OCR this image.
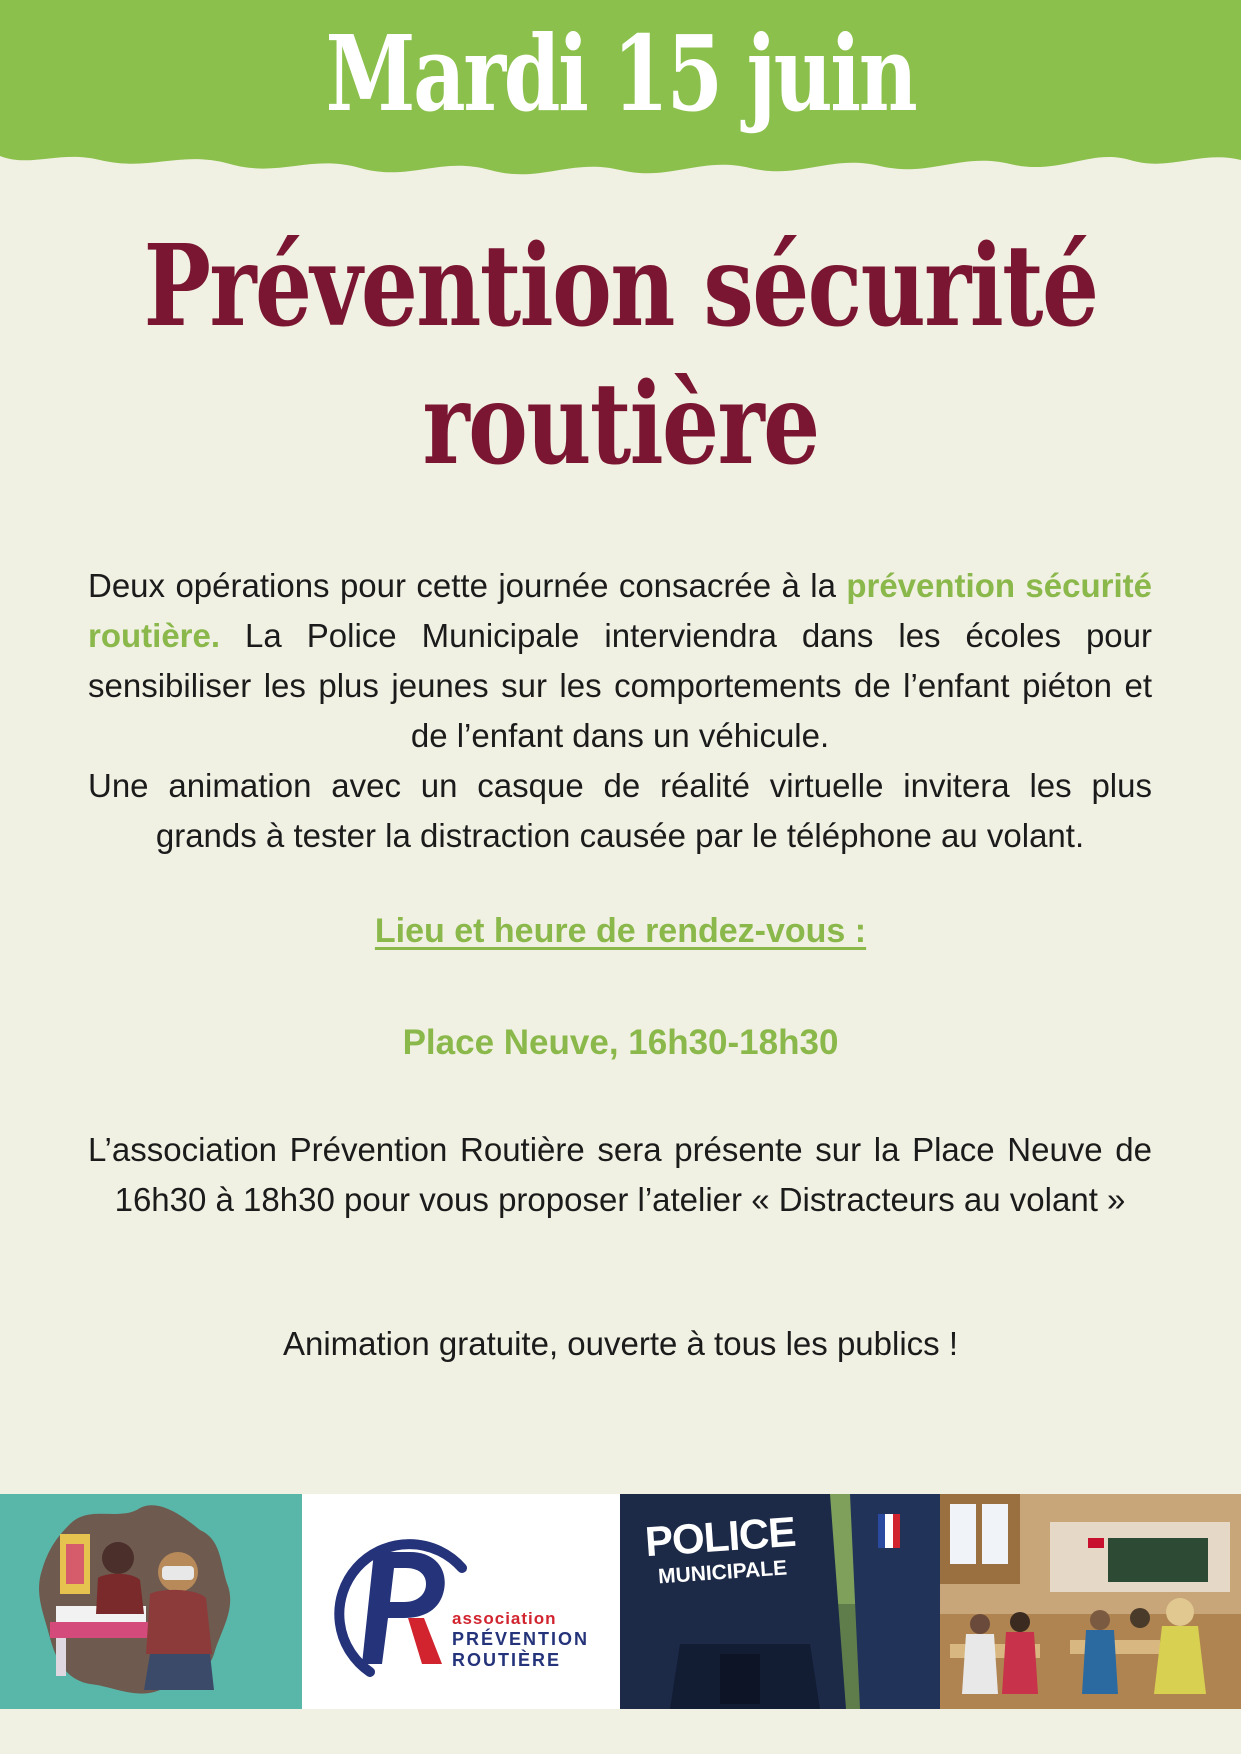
Mardi 15 juin
Prévention sécurité
routière

Deux opérations pour cette journée consacrée à la prévention sécurité routière. La Police Municipale interviendra dans les écoles pour sensibiliser les plus jeunes sur les comportements de l’enfant piéton et de l’enfant dans un véhicule.

Une animation avec un casque de réalité virtuelle invitera les plus grands à tester la distraction causée par le téléphone au volant.

Lieu et heure de rendez-vous :
Place Neuve, 16h30-18h30

L’association Prévention Routière sera présente sur la Place Neuve de 16h30 à 18h30 pour vous proposer l’atelier « Distracteurs au volant »

Animation gratuite, ouverte à tous les publics !
association
PRÉVENTION
ROUTIÈRE
POLICE
MUNICIPALE
